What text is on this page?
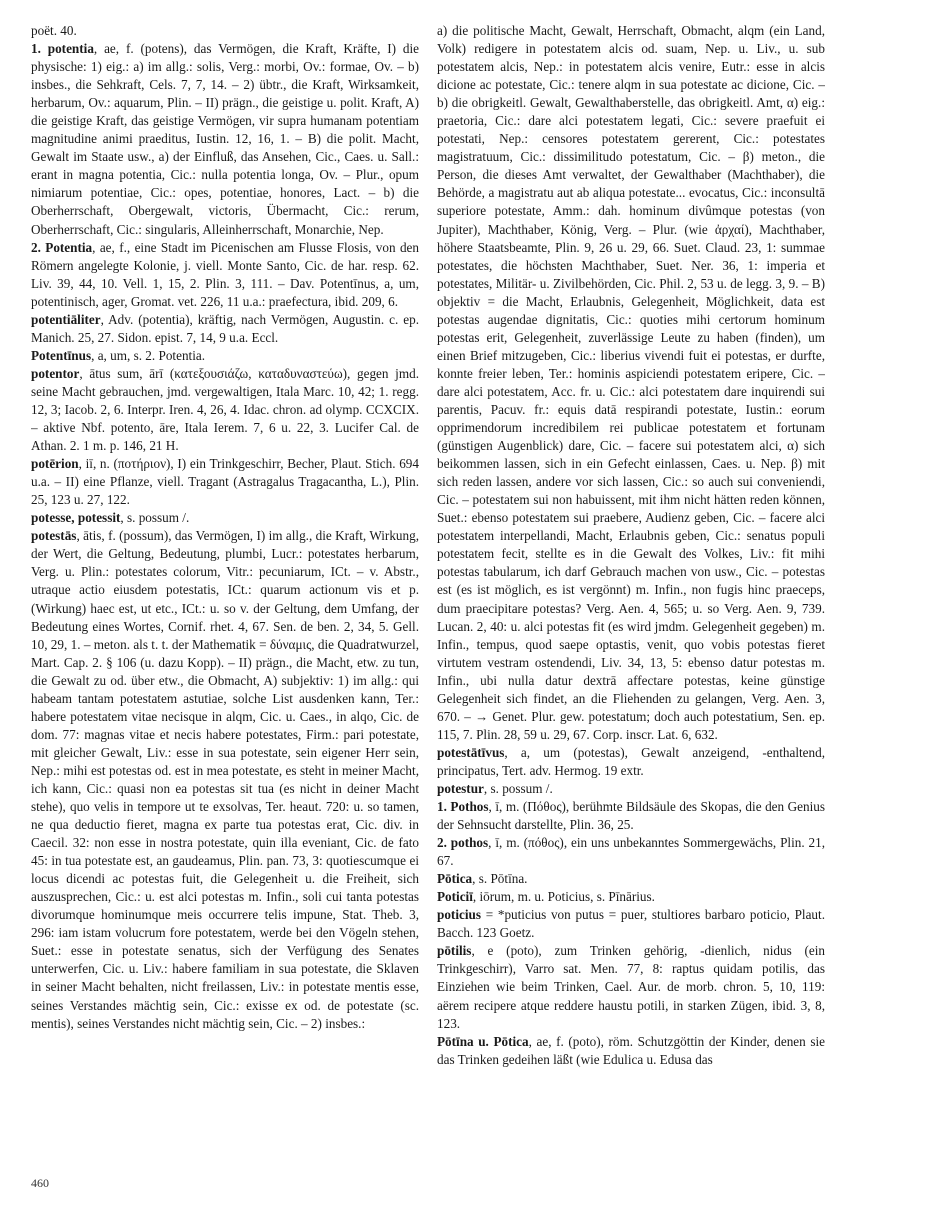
poët. 40.

1. potentia, ae, f. (potens), das Vermögen, die Kraft, Kräfte, I) die physische: 1) eig.: a) im allg.: solis, Verg.: morbi, Ov.: formae, Ov. – b) insbes., die Sehkraft, Cels. 7, 7, 14. – 2) übtr., die Kraft, Wirksamkeit, herbarum, Ov.: aquarum, Plin. – II) prägn., die geistige u. polit. Kraft, A) die geistige Kraft, das geistige Vermögen, vir supra humanam potentiam magnitudine animi praeditus, Iustin. 12, 16, 1. – B) die polit. Macht, Gewalt im Staate usw., a) der Einfluß, das Ansehen, Cic., Caes. u. Sall.: erant in magna potentia, Cic.: nulla potentia longa, Ov. – Plur., opum nimiarum potentiae, Cic.: opes, potentiae, honores, Lact. – b) die Oberherrschaft, Obergewalt, victoris, Übermacht, Cic.: rerum, Oberherrschaft, Cic.: singularis, Alleinherrschaft, Monarchie, Nep.

2. Potentia, ae, f., eine Stadt im Picenischen am Flusse Flosis, von den Römern angelegte Kolonie, j. viell. Monte Santo, Cic. de har. resp. 62. Liv. 39, 44, 10. Vell. 1, 15, 2. Plin. 3, 111. – Dav. Potentīnus, a, um, potentinisch, ager, Gromat. vet. 226, 11 u.a.: praefectura, ibid. 209, 6.

potentiāliter, Adv. (potentia), kräftig, nach Vermögen, Augustin. c. ep. Manich. 25, 27. Sidon. epist. 7, 14, 9 u.a. Eccl.

Potentīnus, a, um, s. 2. Potentia.

potentor, ātus sum, ārī (κατεξουσιάζω, καταδυναστεύω), gegen jmd. seine Macht gebrauchen, jmd. vergewaltigen, Itala Marc. 10, 42; 1. regg. 12, 3; Iacob. 2, 6. Interpr. Iren. 4, 26, 4. Idac. chron. ad olymp. CCXCIX. – aktive Nbf. potento, āre, Itala Ierem. 7, 6 u. 22, 3. Lucifer Cal. de Athan. 2. 1 m. p. 146, 21 H.

potērion, iī, n. (ποτήριον), I) ein Trinkgeschirr, Becher, Plaut. Stich. 694 u.a. – II) eine Pflanze, viell. Tragant (Astragalus Tragacantha, L.), Plin. 25, 123 u. 27, 122.

potesse, potessit, s. possum /.

potestās, ātis, f. (possum), das Vermögen, I) im allg., die Kraft, Wirkung, der Wert, die Geltung, Bedeutung, plumbi, Lucr.: potestates herbarum, Verg. u. Plin.: potestates colorum, Vitr.: pecuniarum, ICt. – v. Abstr., utraque actio eiusdem potestatis, ICt.: quarum actionum vis et p. (Wirkung) haec est, ut etc., ICt.: u. so v. der Geltung, dem Umfang, der Bedeutung eines Wortes, Cornif. rhet. 4, 67. Sen. de ben. 2, 34, 5. Gell. 10, 29, 1. – meton. als t. t. der Mathematik = δύναμις, die Quadratwurzel, Mart. Cap. 2. § 106 (u. dazu Kopp). – II) prägn., die Macht, etw. zu tun, die Gewalt zu od. über etw., die Obmacht, A) subjektiv: 1) im allg.: qui habeam tantam potestatem astutiae, solche List ausdenken kann, Ter.: habere potestatem vitae necisque in alqm, Cic. u. Caes., in alqo, Cic. de dom. 77: magnas vitae et necis habere potestates, Firm.: pari potestate, mit gleicher Gewalt, Liv.: esse in sua potestate, sein eigener Herr sein, Nep.: mihi est potestas od. est in mea potestate, es steht in meiner Macht, ich kann, Cic.: quasi non ea potestas sit tua (es nicht in deiner Macht stehe), quo velis in tempore ut te exsolvas, Ter. heaut. 720: u. so tamen, ne qua deductio fieret, magna ex parte tua potestas erat, Cic. div. in Caecil. 32: non esse in nostra potestate, quin illa eveniant, Cic. de fato 45: in tua potestate est, an gaudeamus, Plin. pan. 73, 3: quotiescumque ei locus dicendi ac potestas fuit, die Gelegenheit u. die Freiheit, sich auszusprechen, Cic.: u. est alci potestas m. Infin., soli cui tanta potestas divorumque hominumque meis occurrere telis impune, Stat. Theb. 3, 296: iam istam volucrum fore potestatem, werde bei den Vögeln stehen, Suet.: esse in potestate senatus, sich der Verfügung des Senates unterwerfen, Cic. u. Liv.: habere familiam in sua potestate, die Sklaven in seiner Macht behalten, nicht freilassen, Liv.: in potestate mentis esse, seines Verstandes mächtig sein, Cic.: exisse ex od. de potestate (sc. mentis), seines Verstandes nicht mächtig sein, Cic. – 2) insbes.:

a) die politische Macht, Gewalt, Herrschaft, Obmacht, alqm (ein Land, Volk) redigere in potestatem alcis od. suam, Nep. u. Liv., u. sub potestatem alcis, Nep.: in potestatem alcis venire, Eutr.: esse in alcis dicione ac potestate, Cic.: tenere alqm in sua potestate ac dicione, Cic. – b) die obrigkeitl. Gewalt, Gewalthaberstelle, das obrigkeitl. Amt, α) eig.: praetoria, Cic.: dare alci potestatem legati, Cic.: severe praefuit ei potestati, Nep.: censores potestatem gererent, Cic.: potestates magistratuum, Cic.: dissimilitudo potestatum, Cic. – β) meton., die Person, die dieses Amt verwaltet, der Gewalthaber (Machthaber), die Behörde, a magistratu aut ab aliqua potestate... evocatus, Cic.: inconsultā superiore potestate, Amm.: dah. hominum divûmque potestas (von Jupiter), Machthaber, König, Verg. – Plur. (wie ἀρχαί), Machthaber, höhere Staatsbeamte, Plin. 9, 26 u. 29, 66. Suet. Claud. 23, 1: summae potestates, die höchsten Machthaber, Suet. Ner. 36, 1: imperia et potestates, Militär- u. Zivilbehörden, Cic. Phil. 2, 53 u. de legg. 3, 9. – B) objektiv = die Macht, Erlaubnis, Gelegenheit, Möglichkeit, data est potestas augendae dignitatis, Cic.: quoties mihi certorum hominum potestas erit, Gelegenheit, zuverlässige Leute zu haben (finden), um einen Brief mitzugeben, Cic.: liberius vivendi fuit ei potestas, er durfte, konnte freier leben, Ter.: hominis aspiciendi potestatem eripere, Cic. – dare alci potestatem, Acc. fr. u. Cic.: alci potestatem dare inquirendi sui parentis, Pacuv. fr.: equis datā respirandi potestate, Iustin.: eorum opprimendorum incredibilem rei publicae potestatem et fortunam (günstigen Augenblick) dare, Cic. – facere sui potestatem alci, α) sich beikommen lassen, sich in ein Gefecht einlassen, Caes. u. Nep. β) mit sich reden lassen, andere vor sich lassen, Cic.: so auch sui conveniendi, Cic. – potestatem sui non habuissent, mit ihm nicht hätten reden können, Suet.: ebenso potestatem sui praebere, Audienz geben, Cic. – facere alci potestatem interpellandi, Macht, Erlaubnis geben, Cic.: senatus populi potestatem fecit, stellte es in die Gewalt des Volkes, Liv.: fit mihi potestas tabularum, ich darf Gebrauch machen von usw., Cic. – potestas est (es ist möglich, es ist vergönnt) m. Infin., non fugis hinc praeceps, dum praecipitare potestas? Verg. Aen. 4, 565; u. so Verg. Aen. 9, 739. Lucan. 2, 40: u. alci potestas fit (es wird jmdm. Gelegenheit gegeben) m. Infin., tempus, quod saepe optastis, venit, quo vobis potestas fieret virtutem vestram ostendendi, Liv. 34, 13, 5: ebenso datur potestas m. Infin., ubi nulla datur dextrā affectare potestas, keine günstige Gelegenheit sich findet, an die Fliehenden zu gelangen, Verg. Aen. 3, 670. – → Genet. Plur. gew. potestatum; doch auch potestatium, Sen. ep. 115, 7. Plin. 28, 59 u. 29, 67. Corp. inscr. Lat. 6, 632.

potestātīvus, a, um (potestas), Gewalt anzeigend, -enthaltend, principatus, Tert. adv. Hermog. 19 extr.

potestur, s. possum /.

1. Pothos, ī, m. (Πόθος), berühmte Bildsäule des Skopas, die den Genius der Sehnsucht darstellte, Plin. 36, 25.

2. pothos, ī, m. (πόθος), ein uns unbekanntes Sommergewächs, Plin. 21, 67.

Pōtica, s. Pōtīna.

Poticiī, iōrum, m. u. Poticius, s. Pīnārius.

poticius = *puticius von putus = puer, stultiores barbaro poticio, Plaut. Bacch. 123 Goetz.

pōtilis, e (poto), zum Trinken gehörig, -dienlich, nidus (ein Trinkgeschirr), Varro sat. Men. 77, 8: raptus quidam potilis, das Einziehen wie beim Trinken, Cael. Aur. de morb. chron. 5, 10, 119: aërem recipere atque reddere haustu potili, in starken Zügen, ibid. 3, 8, 123.

Pōtīna u. Pōtica, ae, f. (poto), röm. Schutzgöttin der Kinder, denen sie das Trinken gedeihen läßt (wie Edulica u. Edusa das

460
